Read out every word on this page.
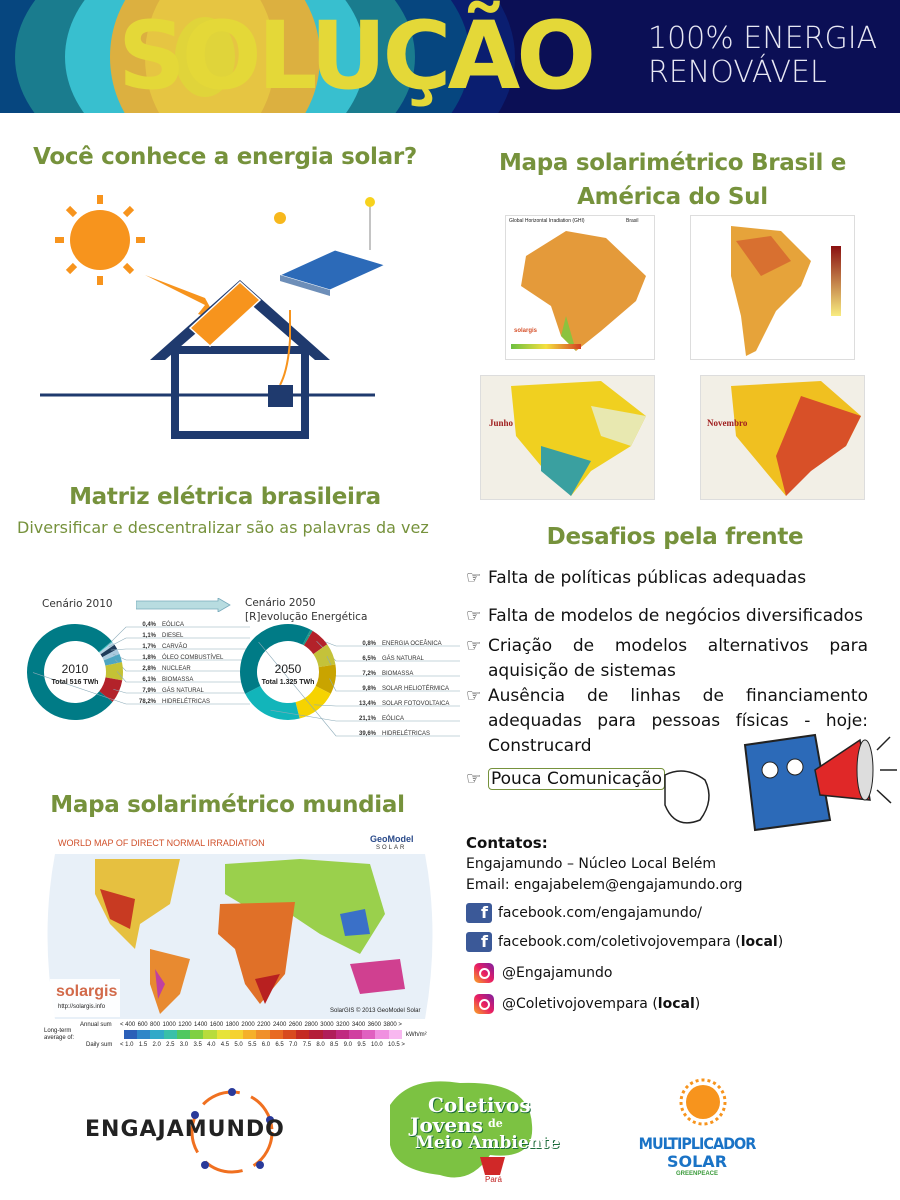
SOLUÇÃO 100% ENERGIA
RENOVÁVEL
Você conhece a energia solar?	Mapa solarimétrico Brasil e
América do Sul
Global Horizontal Irradiation (GHI)	Brasil
solargis
Junho	Novembro
Matriz elétrica brasileira
Diversificar e descentralizar são as palavras da vez
Cenário 2010	Cenário 2050
[R]evolução Energética
0,4% EÓLICA
1,1% DIESEL
1,7% CARVÃO
1,8% ÓLEO COMBUSTÍVEL
2,8% NUCLEAR
6,1% BIOMASSA
7,9% GÁS NATURAL
78,2% HIDRELÉTRICAS
2010
Total 516 TWh
0,8% ENERGIA OCEÂNICA
6,5% GÁS NATURAL
7,2% BIOMASSA
9,8% SOLAR HELIOTÉRMICA
13,4% SOLAR FOTOVOLTAICA
21,1% EÓLICA
39,6% HIDRELÉTRICAS
2050
Total 1.325 TWh
Mapa solarimétrico mundial
WORLD MAP OF DIRECT NORMAL IRRADIATION	GeoModel
SOLAR
solargis
http://solargis.info
SolarGIS © 2013 GeoModel Solar
Long-term
average of:
Annual sum
Daily sum
kWh/m²
< 400 600 800 1000 1200 1400 1600 1800 2000 2200 2400 2600 2800 3000 3200 3400 3600 3800 >
< 1.0 1.5 2.0 2.5 3.0 3.5 4.0 4.5 5.0 5.5 6.0 6.5 7.0 7.5 8.0 8.5 9.0 9.5 10.0 10.5 >
Desafios pela frente
☞ Falta de políticas públicas adequadas
☞ Falta de modelos de negócios diversificados
☞ Criação de modelos alternativos para aquisição de sistemas
☞ Ausência de linhas de financiamento adequadas para pessoas físicas - hoje: Construcard
☞ Pouca Comunicação
Contatos:
Engajamundo – Núcleo Local Belém
Email: engajabelem@engajamundo.org
f facebook.com/engajamundo/
f facebook.com/coletivojovempara (local)
@Engajamundo
@Coletivojovempara (local)
ENGAJAMUNDO
Coletivos
Jovens de
Meio Ambiente
Pará
MULTIPLICADOR
SOLAR
GREENPEACE
